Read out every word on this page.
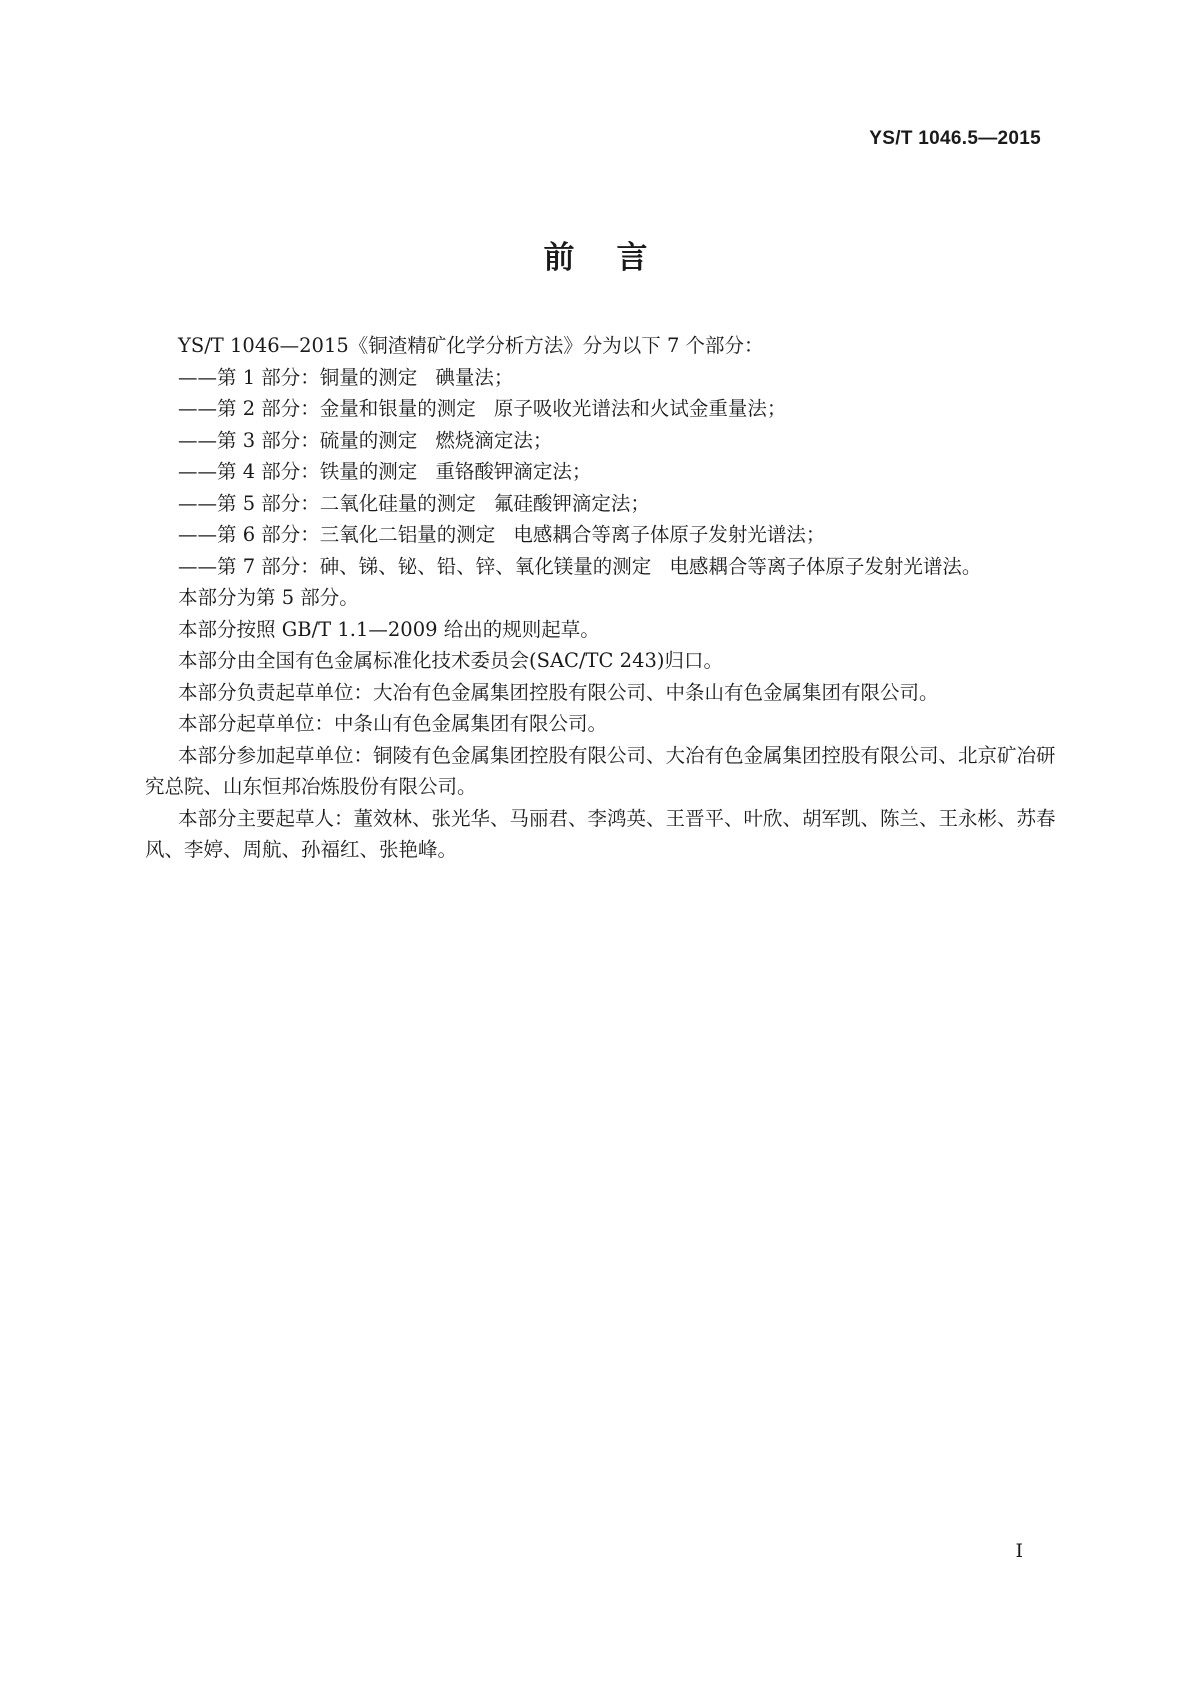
YS/T 1046.5—2015
前言

YS/T 1046—2015《铜渣精矿化学分析方法》分为以下 7 个部分：

——第 1 部分：铜量的测定 碘量法；

——第 2 部分：金量和银量的测定 原子吸收光谱法和火试金重量法；

——第 3 部分：硫量的测定 燃烧滴定法；

——第 4 部分：铁量的测定 重铬酸钾滴定法；

——第 5 部分：二氧化硅量的测定 氟硅酸钾滴定法；

——第 6 部分：三氧化二铝量的测定 电感耦合等离子体原子发射光谱法；

——第 7 部分：砷、锑、铋、铅、锌、氧化镁量的测定 电感耦合等离子体原子发射光谱法。

本部分为第 5 部分。

本部分按照 GB/T 1.1—2009 给出的规则起草。

本部分由全国有色金属标准化技术委员会(SAC/TC 243)归口。

本部分负责起草单位：大冶有色金属集团控股有限公司、中条山有色金属集团有限公司。

本部分起草单位：中条山有色金属集团有限公司。

本部分参加起草单位：铜陵有色金属集团控股有限公司、大冶有色金属集团控股有限公司、北京矿冶研究总院、山东恒邦冶炼股份有限公司。

本部分主要起草人：董效林、张光华、马丽君、李鸿英、王晋平、叶欣、胡军凯、陈兰、王永彬、苏春风、李婷、周航、孙福红、张艳峰。

I
